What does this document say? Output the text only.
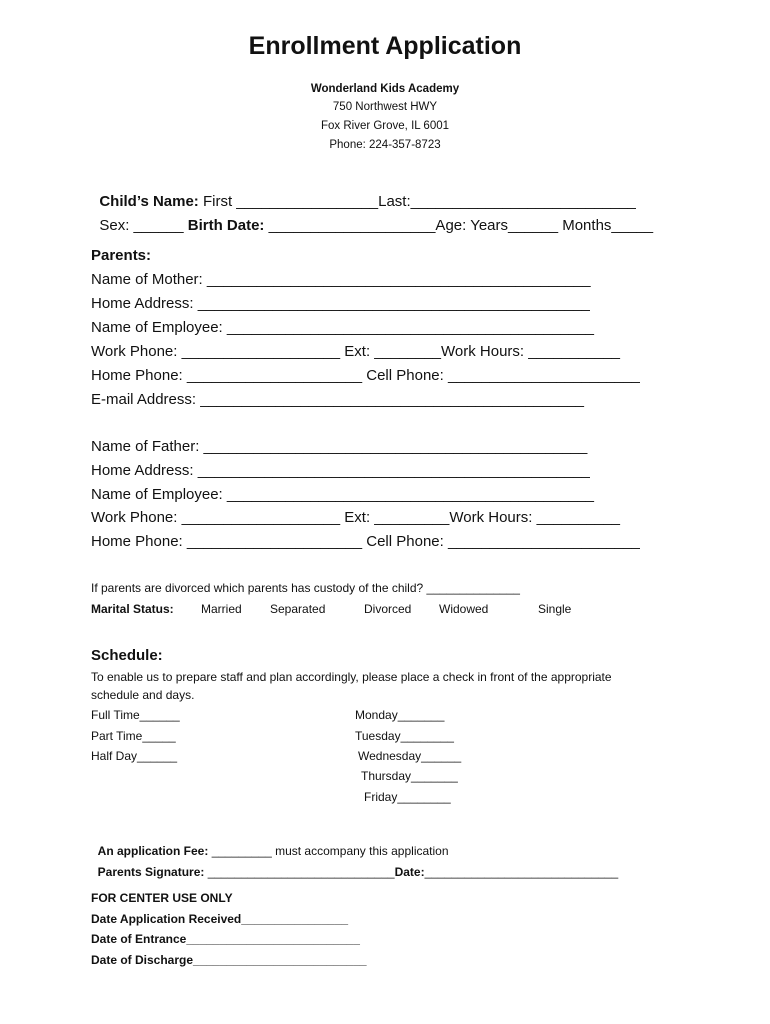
Enrollment Application
Wonderland Kids Academy
750 Northwest HWY
Fox River Grove, IL 6001
Phone: 224-357-8723

Child’s Name: First _________________Last:___________________________

Sex: ______ Birth Date: ____________________Age: Years______ Months_____

Parents:
Name of Mother: ______________________________________________
Home Address: _______________________________________________
Name of Employee: ____________________________________________
Work Phone: ___________________ Ext: ________Work Hours: ___________
Home Phone: _____________________ Cell Phone: _______________________
E-mail Address: ______________________________________________
Name of Father: ______________________________________________
Home Address: _______________________________________________
Name of Employee: ____________________________________________
Work Phone: ___________________ Ext: _________Work Hours: __________
Home Phone: _____________________ Cell Phone: _______________________
If parents are divorced which parents has custody of the child? ______________
Marital Status: Married Separated	Divorced Widowed	Single
Schedule:
To enable us to prepare staff and plan accordingly, please place a check in front of the appropriate
schedule and days.
Full Time______
Part Time_____
Half Day______
Monday_______
Tuesday________
Wednesday______
Thursday_______
Friday________

An application Fee: _________ must accompany this application

Parents Signature: ____________________________Date:_____________________________

FOR CENTER USE ONLY
Date Application Received________________
Date of Entrance__________________________
Date of Discharge__________________________
